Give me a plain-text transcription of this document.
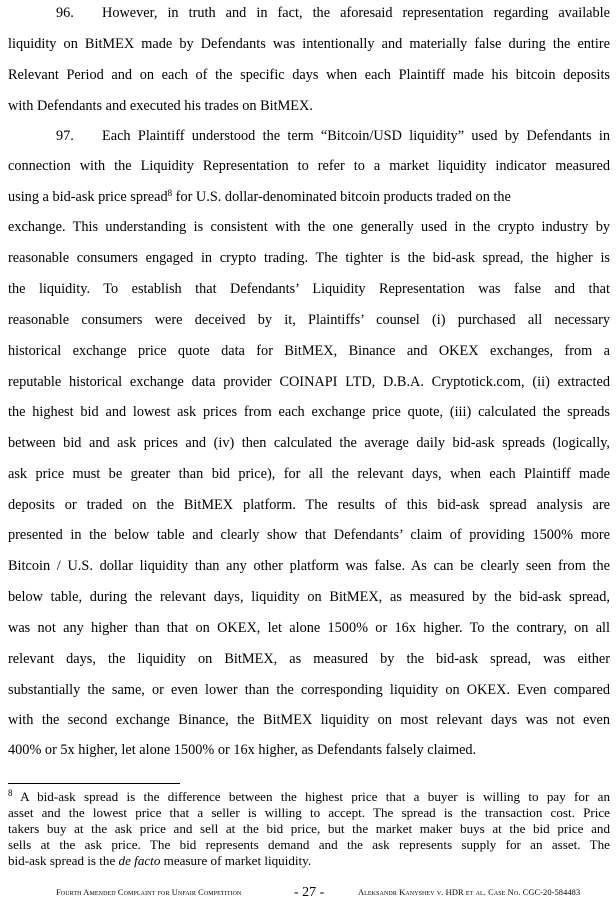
96. However, in truth and in fact, the aforesaid representation regarding available
liquidity on BitMEX made by Defendants was intentionally and materially false during the entire
Relevant Period and on each of the specific days when each Plaintiff made his bitcoin deposits
with Defendants and executed his trades on BitMEX.
97. Each Plaintiff understood the term “Bitcoin/USD liquidity” used by Defendants in
connection with the Liquidity Representation to refer to a market liquidity indicator measured
using a bid-ask price spread$^8$ for U.S. dollar-denominated bitcoin products traded on the
exchange. This understanding is consistent with the one generally used in the crypto industry by
reasonable consumers engaged in crypto trading. The tighter is the bid-ask spread, the higher is
the liquidity. To establish that Defendants’ Liquidity Representation was false and that
reasonable consumers were deceived by it, Plaintiffs’ counsel (i) purchased all necessary
historical exchange price quote data for BitMEX, Binance and OKEX exchanges, from a
reputable historical exchange data provider COINAPI LTD, D.B.A. Cryptotick.com, (ii) extracted
the highest bid and lowest ask prices from each exchange price quote, (iii) calculated the spreads
between bid and ask prices and (iv) then calculated the average daily bid-ask spreads (logically,
ask price must be greater than bid price), for all the relevant days, when each Plaintiff made
deposits or traded on the BitMEX platform. The results of this bid-ask spread analysis are
presented in the below table and clearly show that Defendants’ claim of providing 1500% more
Bitcoin / U.S. dollar liquidity than any other platform was false. As can be clearly seen from the
below table, during the relevant days, liquidity on BitMEX, as measured by the bid-ask spread,
was not any higher than that on OKEX, let alone 1500% or 16x higher. To the contrary, on all
relevant days, the liquidity on BitMEX, as measured by the bid-ask spread, was either
substantially the same, or even lower than the corresponding liquidity on OKEX. Even compared
with the second exchange Binance, the BitMEX liquidity on most relevant days was not even
400% or 5x higher, let alone 1500% or 16x higher, as Defendants falsely claimed.
$^8$ A bid-ask spread is the difference between the highest price that a buyer is willing to pay for an
asset and the lowest price that a seller is willing to accept. The spread is the transaction cost. Price
takers buy at the ask price and sell at the bid price, but the market maker buys at the bid price and
sells at the ask price. The bid represents demand and the ask represents supply for an asset. The
bid-ask spread is the de facto measure of market liquidity.
Fourth Amended Complaint for Unfair Competition	- 27 -	Aleksandr Kanyshev v. HDR et al. Case No. CGC-20-584483
